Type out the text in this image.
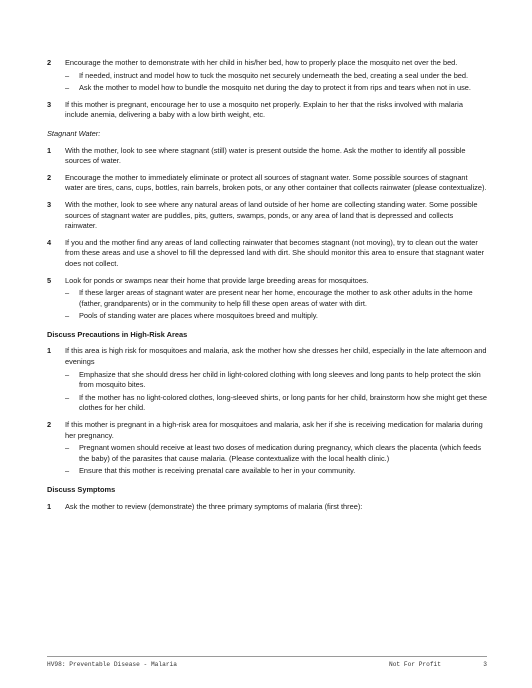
2	Encourage the mother to demonstrate with her child in his/her bed, how to properly place the mosquito net over the bed.
– If needed, instruct and model how to tuck the mosquito net securely underneath the bed, creating a seal under the bed.
– Ask the mother to model how to bundle the mosquito net during the day to protect it from rips and tears when not in use.
3	If this mother is pregnant, encourage her to use a mosquito net properly. Explain to her that the risks involved with malaria include anemia, delivering a baby with a low birth weight, etc.
Stagnant Water:
1	With the mother, look to see where stagnant (still) water is present outside the home. Ask the mother to identify all possible sources of water.
2	Encourage the mother to immediately eliminate or protect all sources of stagnant water. Some possible sources of stagnant water are tires, cans, cups, bottles, rain barrels, broken pots, or any other container that collects rainwater (please contextualize).
3	With the mother, look to see where any natural areas of land outside of her home are collecting standing water. Some possible sources of stagnant water are puddles, pits, gutters, swamps, ponds, or any area of land that is depressed and collects rainwater.
4	If you and the mother find any areas of land collecting rainwater that becomes stagnant (not moving), try to clean out the water from these areas and use a shovel to fill the depressed land with dirt. She should monitor this area to ensure that stagnant water does not collect.
5	Look for ponds or swamps near their home that provide large breeding areas for mosquitoes.
– If these larger areas of stagnant water are present near her home, encourage the mother to ask other adults in the home (father, grandparents) or in the community to help fill these open areas of water with dirt.
– Pools of standing water are places where mosquitoes breed and multiply.
Discuss Precautions in High-Risk Areas
1	If this area is high risk for mosquitoes and malaria, ask the mother how she dresses her child, especially in the late afternoon and evenings
– Emphasize that she should dress her child in light-colored clothing with long sleeves and long pants to help protect the skin from mosquito bites.
– If the mother has no light-colored clothes, long-sleeved shirts, or long pants for her child, brainstorm how she might get these clothes for her child.
2	If this mother is pregnant in a high-risk area for mosquitoes and malaria, ask her if she is receiving medication for malaria during her pregnancy.
– Pregnant women should receive at least two doses of medication during pregnancy, which clears the placenta (which feeds the baby) of the parasites that cause malaria. (Please contextualize with the local health clinic.)
– Ensure that this mother is receiving prenatal care available to her in your community.
Discuss Symptoms
1	Ask the mother to review (demonstrate) the three primary symptoms of malaria (first three):
HV98: Preventable Disease - Malaria	Not For Profit	3
